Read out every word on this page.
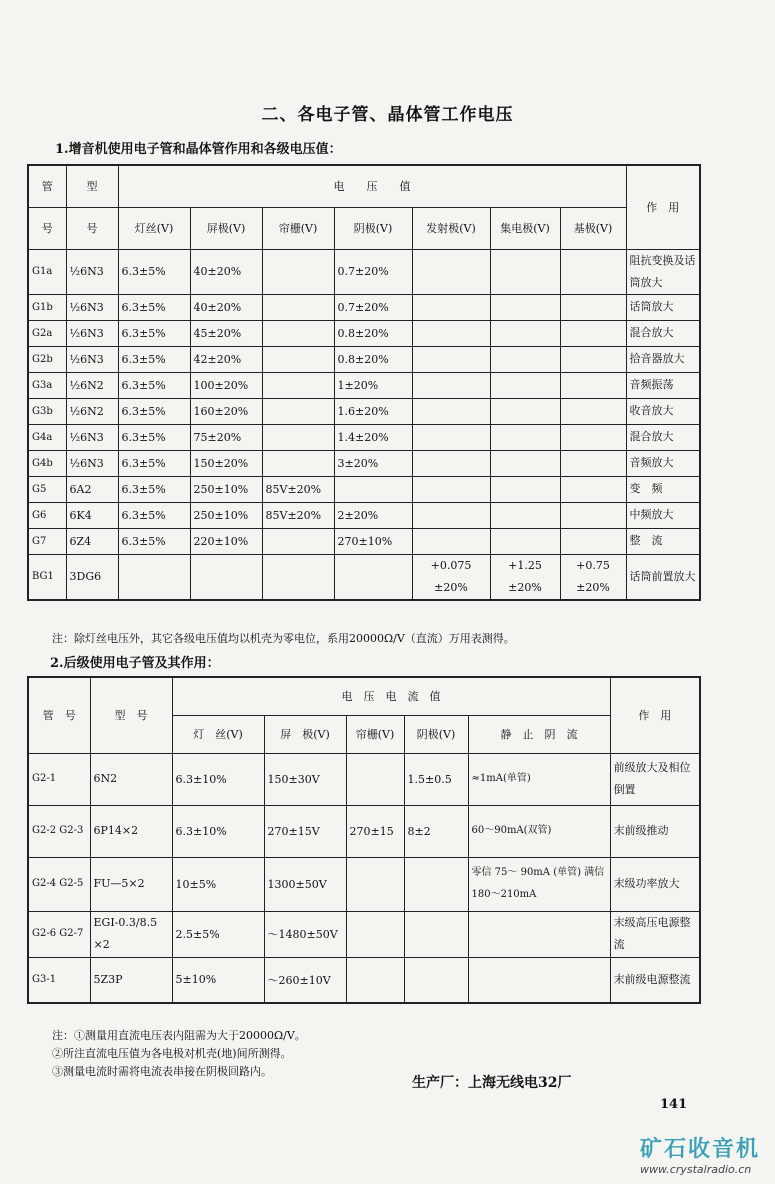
二、各电子管、晶体管工作电压
1.增音机使用电子管和晶体管作用和各级电压值：
管	型	电　　压　　值							作　用
号	号	灯丝(V)	屏极(V)	帘栅(V)	阴极(V)	发射极(V)	集电极(V)	基极(V)	
G1a	½6N3	6.3±5%	40±20%		0.7±20%				阻抗变换及话筒放大
G1b	½6N3	6.3±5%	40±20%		0.7±20%				话筒放大
G2a	½6N3	6.3±5%	45±20%		0.8±20%				混合放大
G2b	½6N3	6.3±5%	42±20%		0.8±20%				拾音器放大
G3a	½6N2	6.3±5%	100±20%		1±20%				音频振荡
G3b	½6N2	6.3±5%	160±20%		1.6±20%				收音放大
G4a	½6N3	6.3±5%	75±20%		1.4±20%				混合放大
G4b	½6N3	6.3±5%	150±20%		3±20%				音频放大
G5	6A2	6.3±5%	250±10%	85V±20%					变　频
G6	6K4	6.3±5%	250±10%	85V±20%	2±20%				中频放大
G7	6Z4	6.3±5%	220±10%		270±10%				整　流
BG1	3DG6					+0.075 ±20%	+1.25 ±20%	+0.75 ±20%	话筒前置放大
注：除灯丝电压外，其它各级电压值均以机壳为零电位，系用20000Ω/V（直流）万用表测得。
2.后级使用电子管及其作用：
管　号	型　号	电　压　电　流　值					作　用
		灯　丝(V)	屏　极(V)	帘栅(V)	阴极(V)	静　止　阴　流	
G2-1	6N2	6.3±10%	150±30V		1.5±0.5	≈1mA(单管)	前级放大及相位倒置
G2-2 G2-3	6P14×2	6.3±10%	270±15V	270±15	8±2	60～90mA(双管)	末前级推动
G2-4 G2-5	FU—5×2	10±5%	1300±50V			零信 75～ 90mA (单管) 满信180～210mA	末级功率放大
G2-6 G2-7	EGI-0.3/8.5 ×2	2.5±5%	～1480±50V				末级高压电源整流
G3-1	5Z3P	5±10%	～260±10V				末前级电源整流
注：①测量用直流电压表内阻需为大于20000Ω/V。
②所注直流电压值为各电极对机壳(地)间所测得。
③测量电流时需将电流表串接在阴极回路内。
生产厂：上海无线电32厂
141
矿石收音机
www.crystalradio.cn
